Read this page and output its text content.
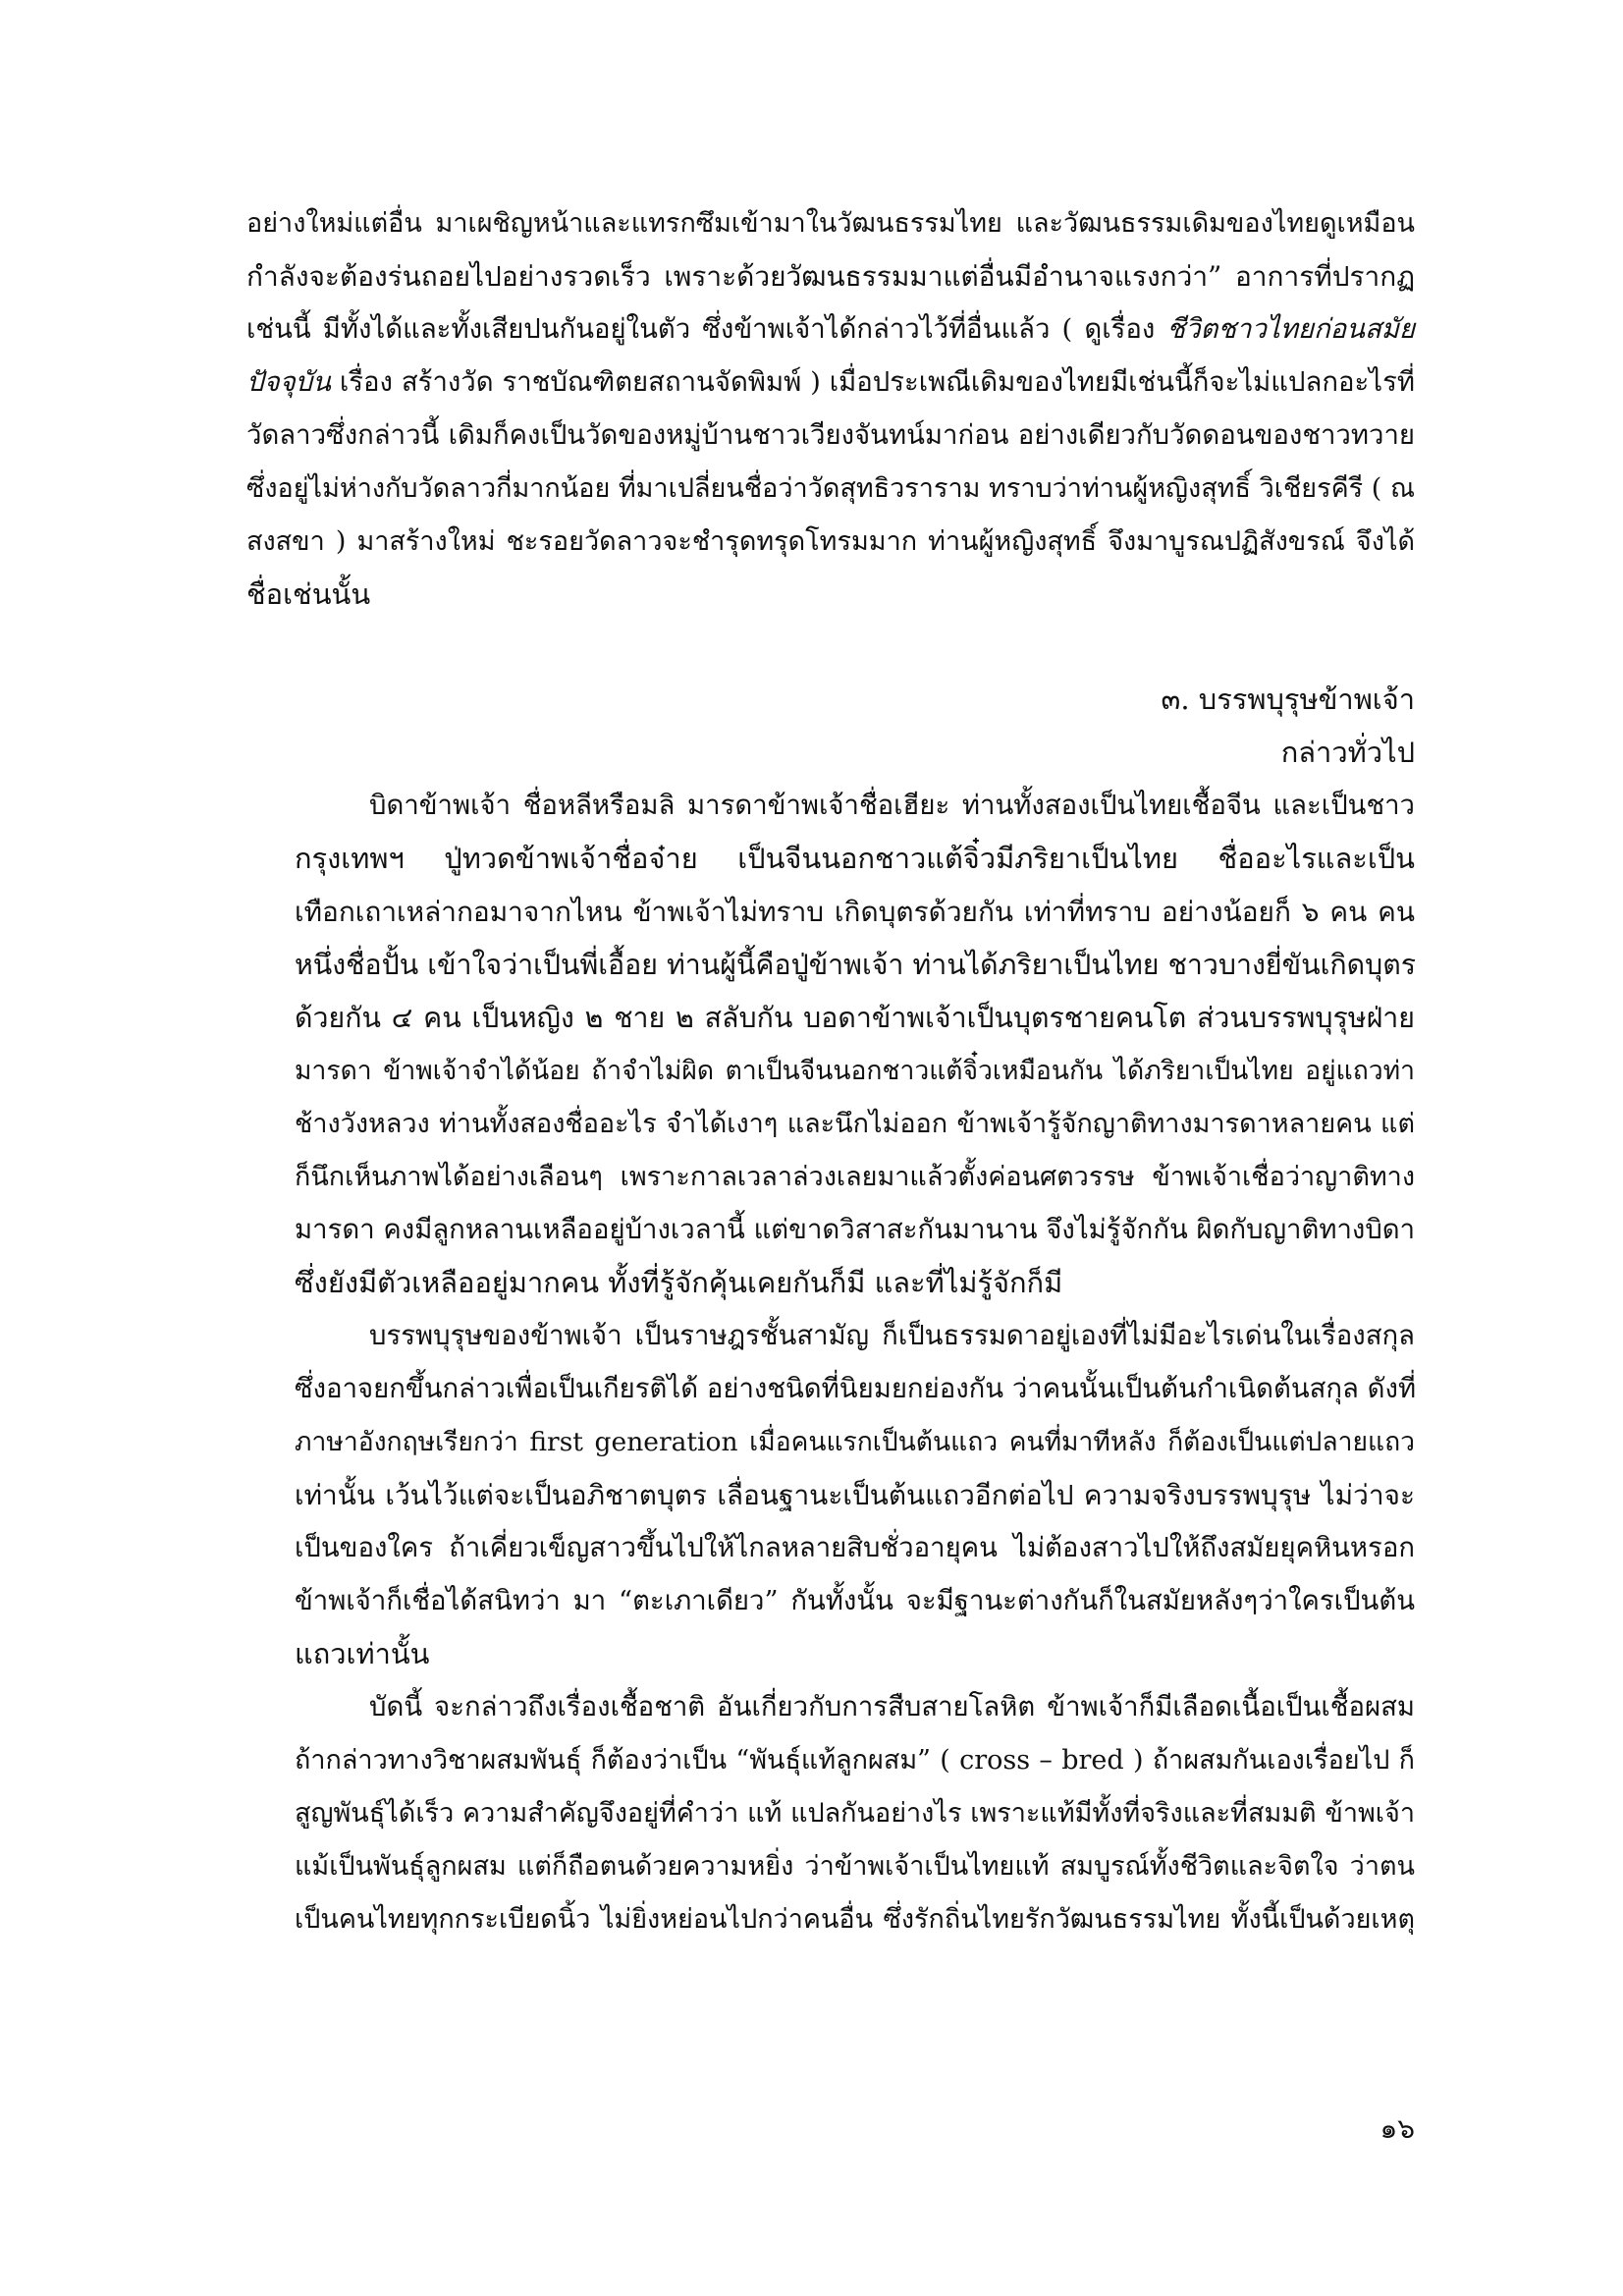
อย่างใหม่แต่อื่น มาเผชิญหน้าและแทรกซึมเข้ามาในวัฒนธรรมไทย และวัฒนธรรมเดิมของไทยดูเหมือน
กำลังจะต้องร่นถอยไปอย่างรวดเร็ว เพราะด้วยวัฒนธรรมมาแต่อื่นมีอำนาจแรงกว่า” อาการที่ปรากฏ
เช่นนี้ มีทั้งได้และทั้งเสียปนกันอยู่ในตัว ซึ่งข้าพเจ้าได้กล่าวไว้ที่อื่นแล้ว ( ดูเรื่อง ชีวิตชาวไทยก่อนสมัย
ปัจจุบัน เรื่อง สร้างวัด ราชบัณฑิตยสถานจัดพิมพ์ ) เมื่อประเพณีเดิมของไทยมีเช่นนี้ก็จะไม่แปลกอะไรที่
วัดลาวซึ่งกล่าวนี้ เดิมก็คงเป็นวัดของหมู่บ้านชาวเวียงจันทน์มาก่อน อย่างเดียวกับวัดดอนของชาวทวาย
ซึ่งอยู่ไม่ห่างกับวัดลาวกี่มากน้อย ที่มาเปลี่ยนชื่อว่าวัดสุทธิวราราม ทราบว่าท่านผู้หญิงสุทธิ์ วิเชียรคีรี ( ณ
สงสขา ) มาสร้างใหม่ ชะรอยวัดลาวจะชำรุดทรุดโทรมมาก ท่านผู้หญิงสุทธิ์ จึงมาบูรณปฏิสังขรณ์ จึงได้
ชื่อเช่นนั้น
๓. บรรพบุรุษข้าพเจ้า
กล่าวทั่วไป
บิดาข้าพเจ้า ชื่อหลีหรือมลิ มารดาข้าพเจ้าชื่อเฮียะ ท่านทั้งสองเป็นไทยเชื้อจีน และเป็นชาว
กรุงเทพฯ ปู่ทวดข้าพเจ้าชื่อจ๋าย เป็นจีนนอกชาวแต้จิ๋วมีภริยาเป็นไทย ชื่ออะไรและเป็น
เทือกเถาเหล่ากอมาจากไหน ข้าพเจ้าไม่ทราบ เกิดบุตรด้วยกัน เท่าที่ทราบ อย่างน้อยก็ ๖ คน คน
หนึ่งชื่อปั้น เข้าใจว่าเป็นพี่เอื้อย ท่านผู้นี้คือปู่ข้าพเจ้า ท่านได้ภริยาเป็นไทย ชาวบางยี่ขันเกิดบุตร
ด้วยกัน ๔ คน เป็นหญิง ๒ ชาย ๒ สลับกัน บอดาข้าพเจ้าเป็นบุตรชายคนโต ส่วนบรรพบุรุษฝ่าย
มารดา ข้าพเจ้าจำได้น้อย ถ้าจำไม่ผิด ตาเป็นจีนนอกชาวแต้จิ๋วเหมือนกัน ได้ภริยาเป็นไทย อยู่แถวท่า
ช้างวังหลวง ท่านทั้งสองชื่ออะไร จำได้เงาๆ และนึกไม่ออก ข้าพเจ้ารู้จักญาติทางมารดาหลายคน แต่
ก็นึกเห็นภาพได้อย่างเลือนๆ เพราะกาลเวลาล่วงเลยมาแล้วตั้งค่อนศตวรรษ ข้าพเจ้าเชื่อว่าญาติทาง
มารดา คงมีลูกหลานเหลืออยู่บ้างเวลานี้ แต่ขาดวิสาสะกันมานาน จึงไม่รู้จักกัน ผิดกับญาติทางบิดา
ซึ่งยังมีตัวเหลืออยู่มากคน ทั้งที่รู้จักคุ้นเคยกันก็มี และที่ไม่รู้จักก็มี
บรรพบุรุษของข้าพเจ้า เป็นราษฎรชั้นสามัญ ก็เป็นธรรมดาอยู่เองที่ไม่มีอะไรเด่นในเรื่องสกุล
ซึ่งอาจยกขึ้นกล่าวเพื่อเป็นเกียรติได้ อย่างชนิดที่นิยมยกย่องกัน ว่าคนนั้นเป็นต้นกำเนิดต้นสกุล ดังที่
ภาษาอังกฤษเรียกว่า first generation เมื่อคนแรกเป็นต้นแถว คนที่มาทีหลัง ก็ต้องเป็นแต่ปลายแถว
เท่านั้น เว้นไว้แต่จะเป็นอภิชาตบุตร เลื่อนฐานะเป็นต้นแถวอีกต่อไป ความจริงบรรพบุรุษ ไม่ว่าจะ
เป็นของใคร ถ้าเคี่ยวเข็ญสาวขึ้นไปให้ไกลหลายสิบชั่วอายุคน ไม่ต้องสาวไปให้ถึงสมัยยุคหินหรอก
ข้าพเจ้าก็เชื่อได้สนิทว่า มา “ตะเภาเดียว” กันทั้งนั้น จะมีฐานะต่างกันก็ในสมัยหลังๆว่าใครเป็นต้น
แถวเท่านั้น
บัดนี้ จะกล่าวถึงเรื่องเชื้อชาติ อันเกี่ยวกับการสืบสายโลหิต ข้าพเจ้าก็มีเลือดเนื้อเป็นเชื้อผสม
ถ้ากล่าวทางวิชาผสมพันธุ์ ก็ต้องว่าเป็น “พันธุ์แท้ลูกผสม” ( cross – bred ) ถ้าผสมกันเองเรื่อยไป ก็
สูญพันธุ์ได้เร็ว ความสำคัญจึงอยู่ที่คำว่า แท้ แปลกันอย่างไร เพราะแท้มีทั้งที่จริงและที่สมมติ ข้าพเจ้า
แม้เป็นพันธุ์ลูกผสม แต่ก็ถือตนด้วยความหยิ่ง ว่าข้าพเจ้าเป็นไทยแท้ สมบูรณ์ทั้งชีวิตและจิตใจ ว่าตน
เป็นคนไทยทุกกระเบียดนิ้ว ไม่ยิ่งหย่อนไปกว่าคนอื่น ซึ่งรักถิ่นไทยรักวัฒนธรรมไทย ทั้งนี้เป็นด้วยเหตุ
๑๖
